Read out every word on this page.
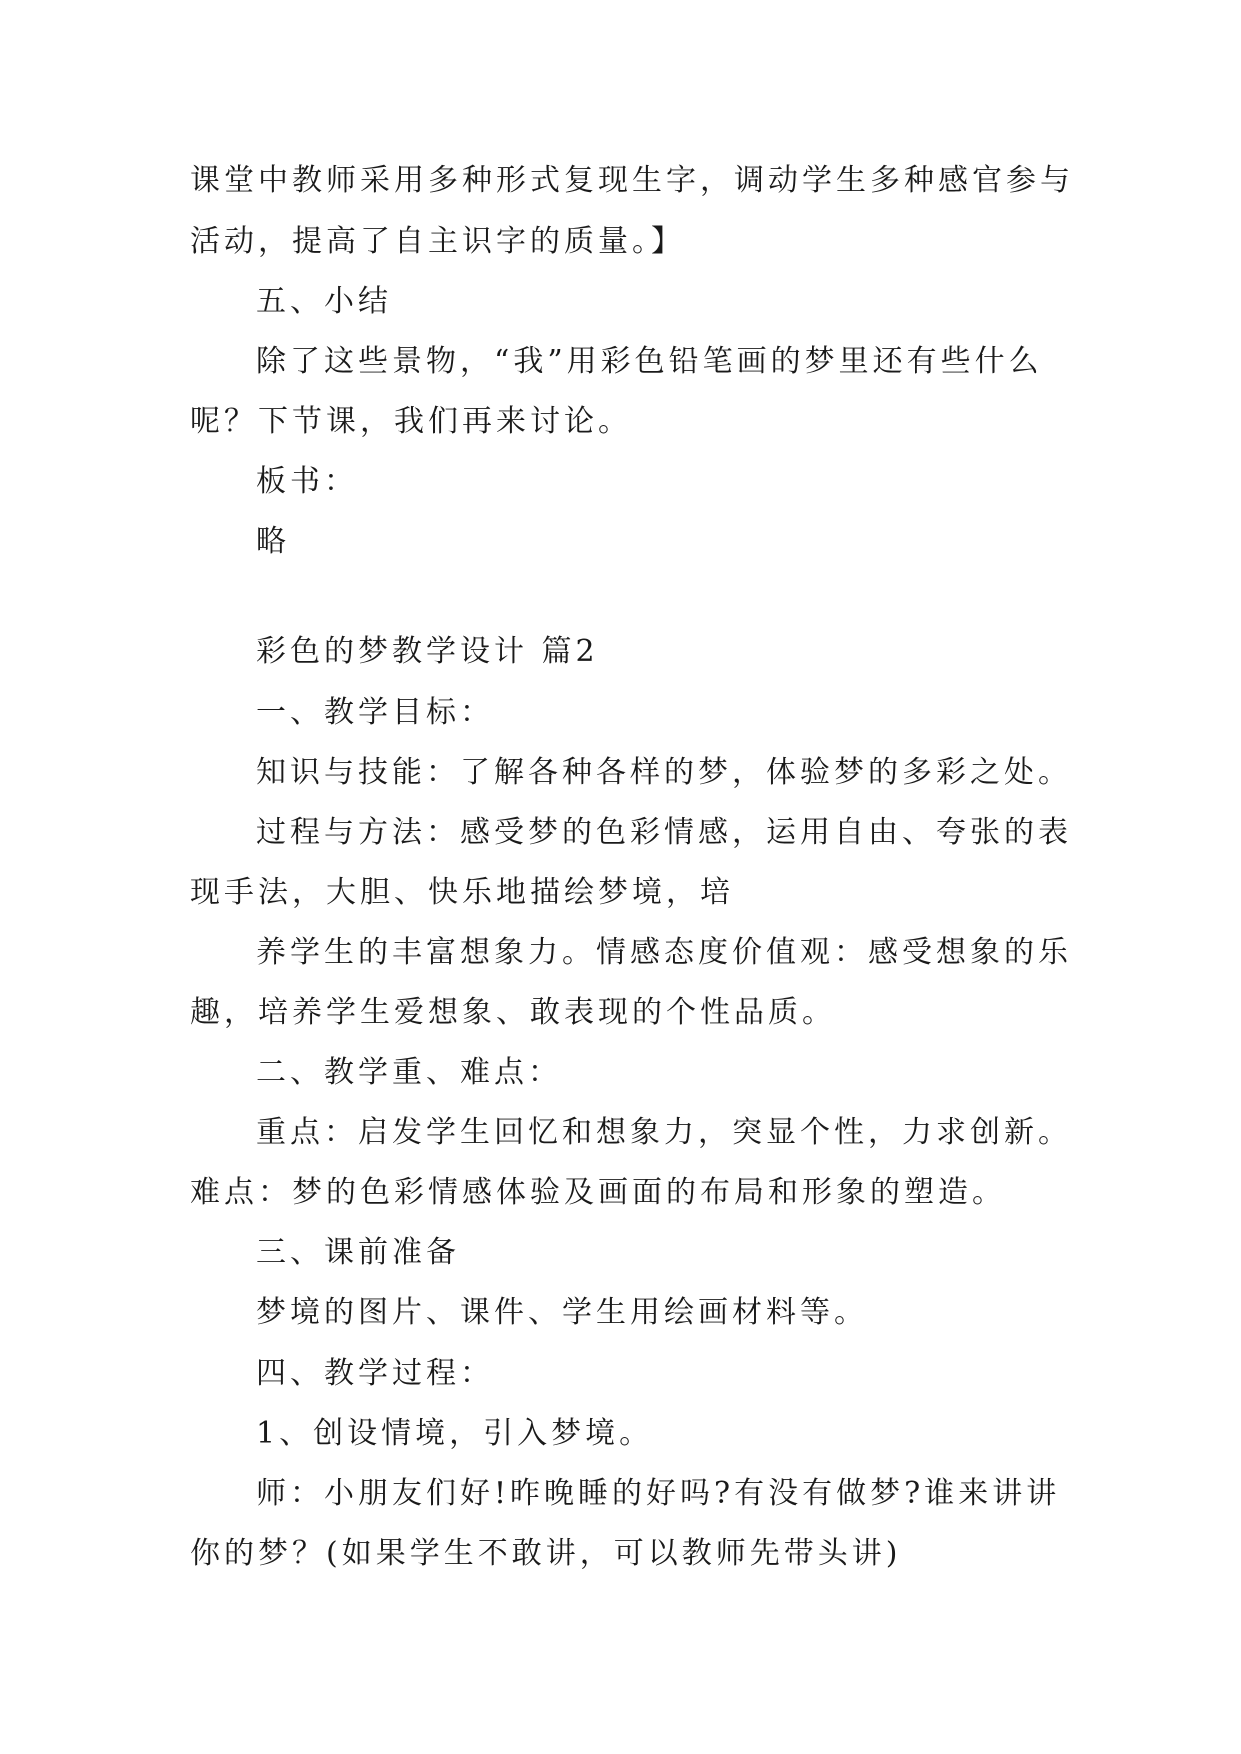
课堂中教师采用多种形式复现生字，调动学生多种感官参与
活动，提高了自主识字的质量。】
五、小结
除了这些景物，“我”用彩色铅笔画的梦里还有些什么
呢？下节课，我们再来讨论。
板书：
略
彩色的梦教学设计 篇2
一、教学目标：
知识与技能：了解各种各样的梦，体验梦的多彩之处。
过程与方法：感受梦的色彩情感，运用自由、夸张的表
现手法，大胆、快乐地描绘梦境，培
养学生的丰富想象力。情感态度价值观：感受想象的乐
趣，培养学生爱想象、敢表现的个性品质。
二、教学重、难点：
重点：启发学生回忆和想象力，突显个性，力求创新。
难点：梦的色彩情感体验及画面的布局和形象的塑造。
三、课前准备
梦境的图片、课件、学生用绘画材料等。
四、教学过程：
1、创设情境，引入梦境。
师：小朋友们好!昨晚睡的好吗?有没有做梦?谁来讲讲
你的梦？(如果学生不敢讲，可以教师先带头讲)
